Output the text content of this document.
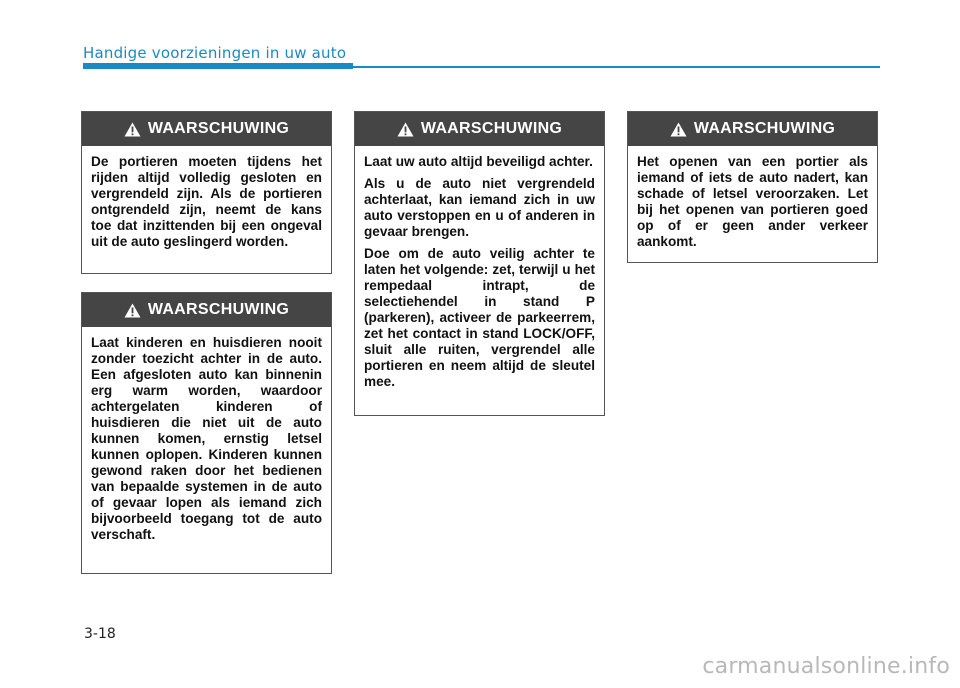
Handige voorzieningen in uw auto
WAARSCHUWING

De portieren moeten tijdens het rijden altijd volledig gesloten en vergrendeld zijn. Als de portieren ontgrendeld zijn, neemt de kans toe dat inzittenden bij een ongeval uit de auto geslingerd worden.

WAARSCHUWING

Laat kinderen en huisdieren nooit zonder toezicht achter in de auto. Een afgesloten auto kan binnenin erg warm worden, waardoor achtergelaten kinderen of huisdieren die niet uit de auto kunnen komen, ernstig letsel kunnen oplopen. Kinderen kunnen gewond raken door het bedienen van bepaalde systemen in de auto of gevaar lopen als iemand zich bijvoorbeeld toegang tot de auto verschaft.

WAARSCHUWING

Laat uw auto altijd beveiligd achter.

Als u de auto niet vergrendeld achterlaat, kan iemand zich in uw auto verstoppen en u of anderen in gevaar brengen.

Doe om de auto veilig achter te laten het volgende: zet, terwijl u het rempedaal intrapt, de selectiehendel in stand P (parkeren), activeer de parkeerrem, zet het contact in stand LOCK/OFF, sluit alle ruiten, vergrendel alle portieren en neem altijd de sleutel mee.

WAARSCHUWING

Het openen van een portier als iemand of iets de auto nadert, kan schade of letsel veroorzaken. Let bij het openen van portieren goed op of er geen ander verkeer aankomt.

3-18
carmanualsonline.info
